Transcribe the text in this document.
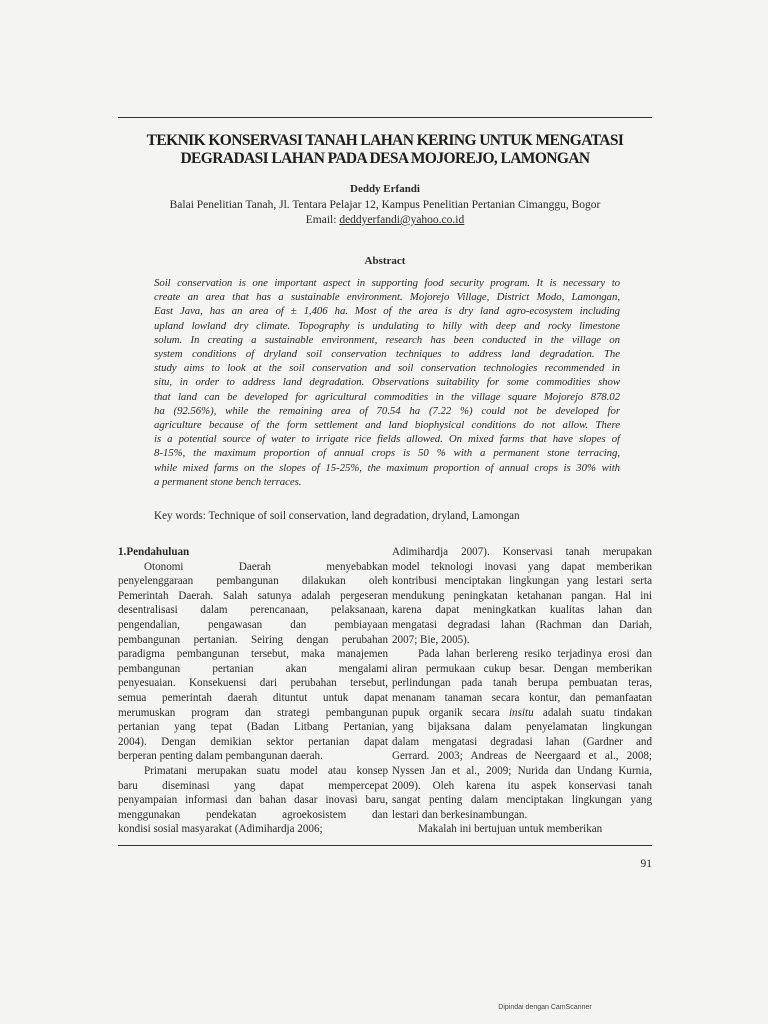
TEKNIK KONSERVASI TANAH LAHAN KERING UNTUK MENGATASI
DEGRADASI LAHAN PADA DESA MOJOREJO, LAMONGAN
Deddy Erfandi
Balai Penelitian Tanah, Jl. Tentara Pelajar 12, Kampus Penelitian Pertanian Cimanggu, Bogor
Email: deddyerfandi@yahoo.co.id
Abstract
Soil conservation is one important aspect in supporting food security program. It is necessary to
create an area that has a sustainable environment. Mojorejo Village, District Modo, Lamongan,
East Java, has an area of ± 1,406 ha. Most of the area is dry land agro-ecosystem including
upland lowland dry climate. Topography is undulating to hilly with deep and rocky limestone
solum. In creating a sustainable environment, research has been conducted in the village on
system conditions of dryland soil conservation techniques to address land degradation. The
study aims to look at the soil conservation and soil conservation technologies recommended in
situ, in order to address land degradation. Observations suitability for some commodities show
that land can be developed for agricultural commodities in the village square Mojorejo 878.02
ha (92.56%), while the remaining area of 70.54 ha (7.22 %) could not be developed for
agriculture because of the form settlement and land biophysical conditions do not allow. There
is a potential source of water to irrigate rice fields allowed. On mixed farms that have slopes of
8-15%, the maximum proportion of annual crops is 50 % with a permanent stone terracing,
while mixed farms on the slopes of 15-25%, the maximum proportion of annual crops is 30% with
a permanent stone bench terraces.
Key words: Technique of soil conservation, land degradation, dryland, Lamongan
1.Pendahuluan
Otonomi Daerah menyebabkan
penyelenggaraan pembangunan dilakukan oleh
Pemerintah Daerah. Salah satunya adalah pergeseran
desentralisasi dalam perencanaan, pelaksanaan,
pengendalian, pengawasan dan pembiayaan
pembangunan pertanian. Seiring dengan perubahan
paradigma pembangunan tersebut, maka manajemen
pembangunan pertanian akan mengalami
penyesuaian. Konsekuensi dari perubahan tersebut,
semua pemerintah daerah dituntut untuk dapat
merumuskan program dan strategi pembangunan
pertanian yang tepat (Badan Litbang Pertanian,
2004). Dengan demikian sektor pertanian dapat
berperan penting dalam pembangunan daerah.
Primatani merupakan suatu model atau konsep
baru diseminasi yang dapat mempercepat
penyampaian informasi dan bahan dasar inovasi baru,
menggunakan pendekatan agroekosistem dan
kondisi sosial masyarakat (Adimihardja 2006;
Adimihardja 2007). Konservasi tanah merupakan
model teknologi inovasi yang dapat memberikan
kontribusi menciptakan lingkungan yang lestari serta
mendukung peningkatan ketahanan pangan. Hal ini
karena dapat meningkatkan kualitas lahan dan
mengatasi degradasi lahan (Rachman dan Dariah,
2007; Bie, 2005).
Pada lahan berlereng resiko terjadinya erosi dan
aliran permukaan cukup besar. Dengan memberikan
perlindungan pada tanah berupa pembuatan teras,
menanam tanaman secara kontur, dan pemanfaatan
pupuk organik secara insitu adalah suatu tindakan
yang bijaksana dalam penyelamatan lingkungan
dalam mengatasi degradasi lahan (Gardner and
Gerrard. 2003; Andreas de Neergaard et al., 2008;
Nyssen Jan et al., 2009; Nurida dan Undang Kurnia,
2009). Oleh karena itu aspek konservasi tanah
sangat penting dalam menciptakan lingkungan yang
lestari dan berkesinambungan.
Makalah ini bertujuan untuk memberikan
91
Dipindai dengan CamScanner
